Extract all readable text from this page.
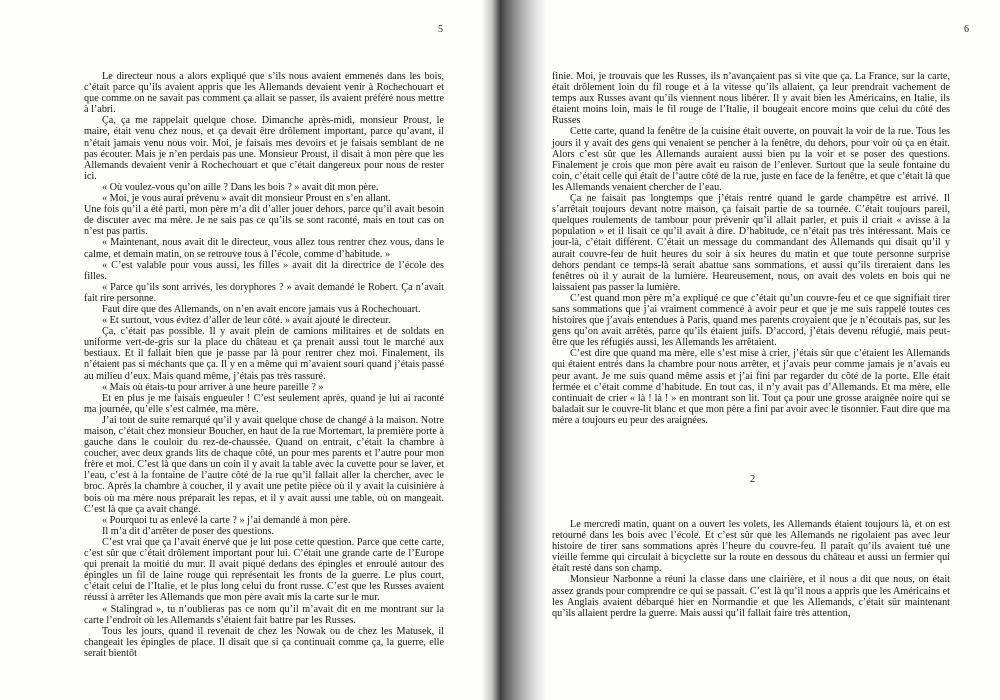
5

Le directeur nous a alors expliqué que s’ils nous avaient emmenés dans les bois, c’était parce qu’ils avaient appris que les Allemands devaient venir à Rochechouart et que comme on ne savait pas comment ça allait se passer, ils avaient préféré nous mettre à l’abri.

Ça, ça me rappelait quelque chose. Dimanche après-midi, monsieur Proust, le maire, était venu chez nous, et ça devait être drôlement important, parce qu’avant, il n’était jamais venu nous voir. Moi, je faisais mes devoirs et je faisais semblant de ne pas écouter. Mais je n’en perdais pas une. Monsieur Proust, il disait à mon père que les Allemands devaient venir à Rochechouart et que c’était dangereux pour nous de rester ici.

« Où voulez-vous qu’on aille ? Dans les bois ? » avait dit mon père.

« Moi, je vous aurai prévenu » avait dit monsieur Proust en s’en allant.

Une fois qu’il a été parti, mon père m’a dit d’aller jouer dehors, parce qu’il avait besoin de discuter avec ma mère. Je ne sais pas ce qu’ils se sont raconté, mais en tout cas on n’est pas partis.

« Maintenant, nous avait dit le directeur, vous allez tous rentrer chez vous, dans le calme, et demain matin, on se retrouve tous à l’école, comme d’habitude. »

« C’est valable pour vous aussi, les filles » avait dit la directrice de l’école des filles.

« Parce qu’ils sont arrivés, les doryphores ? » avait demandé le Robert. Ça n’avait fait rire personne.

Faut dire que des Allemands, on n’en avait encore jamais vus à Rochechouart.

« Et surtout, vous évitez d’aller de leur côté. » avait ajouté le directeur.

Ça, c’était pas possible. Il y avait plein de camions militaires et de soldats en uniforme vert-de-gris sur la place du château et ça prenait aussi tout le marché aux bestiaux. Et il fallait bien que je passe par là pour rentrer chez moi. Finalement, ils n’étaient pas si méchants que ça. Il y en a même qui m’avaient souri quand j’étais passé au milieu d’eux. Mais quand même, j’étais pas très rassuré.

« Mais où étais-tu pour arriver à une heure pareille ? »

Et en plus je me faisais engueuler ! C’est seulement après, quand je lui ai raconté ma journée, qu’elle s’est calmée, ma mère.

J’ai tout de suite remarqué qu’il y avait quelque chose de changé à la maison. Notre maison, c’était chez monsieur Boucher, en haut de la rue Mortemart, la première porte à gauche dans le couloir du rez-de-chaussée. Quand on entrait, c’était la chambre à coucher, avec deux grands lits de chaque côté, un pour mes parents et l’autre pour mon frère et moi. C’est là que dans un coin il y avait la table avec la cuvette pour se laver, et l’eau, c’est à la fontaine de l’autre côté de la rue qu’il fallait aller la chercher, avec le broc. Après la chambre à coucher, il y avait une petite pièce où il y avait la cuisinière à bois où ma mère nous préparait les repas, et il y avait aussi une table, où on mangeait. C’est là que ça avait changé.

« Pourquoi tu as enlevé la carte ? » j’ai demandé à mon père.

Il m’a dit d’arrêter de poser des questions.

C’est vrai que ça l’avait énervé que je lui pose cette question. Parce que cette carte, c’est sûr que c’était drôlement important pour lui. C’était une grande carte de l’Europe qui prenait la moitié du mur. Il avait piqué dedans des épingles et enroulé autour des épingles un fil de laine rouge qui représentait les fronts de la guerre. Le plus court, c’était celui de l’Italie, et le plus long celui du front russe. C’est que les Russes avaient réussi à arrêter les Allemands que mon père avait mis la carte sur le mur.

« Stalingrad », tu n’oublieras pas ce nom qu’il m’avait dit en me montrant sur la carte l’endroit où les Allemands s’étaient fait battre par les Russes.

Tous les jours, quand il revenait de chez les Nowak ou de chez les Matusek, il changeait les épingles de place. Il disait que si ça continuait comme ça, la guerre, elle serait bientôt

6

finie. Moi, je trouvais que les Russes, ils n’avançaient pas si vite que ça. La France, sur la carte, était drôlement loin du fil rouge et à la vitesse qu’ils allaient, ça leur prendrait vachement de temps aux Russes avant qu’ils viennent nous libérer. Il y avait bien les Américains, en Italie, ils étaient moins loin, mais le fil rouge de l’Italie, il bougeait encore moins que celui du côté des Russes

Cette carte, quand la fenêtre de la cuisine était ouverte, on pouvait la voir de la rue. Tous les jours il y avait des gens qui venaient se pencher à la fenêtre, du dehors, pour voir où ça en était. Alors c’est sûr que les Allemands auraient aussi bien pu la voir et se poser des questions. Finalement je crois que mon père avait eu raison de l’enlever. Surtout que la seule fontaine du coin, c’était celle qui était de l’autre côté de la rue, juste en face de la fenêtre, et que c’était là que les Allemands venaient chercher de l’eau.

Ça ne faisait pas longtemps que j’étais rentré quand le garde champêtre est arrivé. Il s’arrêtait toujours devant notre maison, ça faisait partie de sa tournée. C’était toujours pareil, quelques roulements de tambour pour prévenir qu’il allait parler, et puis il criait « avisse à la population » et il lisait ce qu’il avait à dire. D’habitude, ce n’était pas très intéressant. Mais ce jour-là, c’était différent. C’était un message du commandant des Allemands qui disait qu’il y aurait couvre-feu de huit heures du soir à six heures du matin et que toute personne surprise dehors pendant ce temps-là serait abattue sans sommations, et aussi qu’ils tireraient dans les fenêtres où il y aurait de la lumière. Heureusement, nous, on avait des volets en bois qui ne laissaient pas passer la lumière.

C’est quand mon père m’a expliqué ce que c’était qu’un couvre-feu et ce que signifiait tirer sans sommations que j’ai vraiment commencé à avoir peur et que je me suis rappelé toutes ces histoires que j’avais entendues à Paris, quand mes parents croyaient que je n’écoutais pas, sur les gens qu’on avait arrêtés, parce qu’ils étaient juifs. D’accord, j’étais devenu réfugié, mais peut-être que les réfugiés aussi, les Allemands les arrêtaient.

C’est dire que quand ma mère, elle s’est mise à crier, j’étais sûr que c’étaient les Allemands qui étaient entrés dans la chambre pour nous arrêter, et j’avais peur comme jamais je n’avais eu peur avant. Je me suis quand même assis et j’ai fini par regarder du côté de la porte. Elle était fermée et c’était comme d’habitude. En tout cas, il n’y avait pas d’Allemands. Et ma mère, elle continuait de crier « là ! là ! » en montrant son lit. Tout ça pour une grosse araignée noire qui se baladait sur le couvre-lit blanc et que mon père a fini par avoir avec le tisonnier. Faut dire que ma mère a toujours eu peur des araignées.

2

Le mercredi matin, quant on a ouvert les volets, les Allemands étaient toujours là, et on est retourné dans les bois avec l’école. Et c’est sûr que les Allemands ne rigolaient pas avec leur histoire de tirer sans sommations après l’heure du couvre-feu. Il paraît qu’ils avaient tué une vieille femme qui circulait à bicyclette sur la route en dessous du château et aussi un fermier qui était resté dans son champ.

Monsieur Narbonne a réuni la classe dans une clairière, et il nous a dit que nous, on était assez grands pour comprendre ce qui se passait. C’est là qu’il nous a appris que les Américains et les Anglais avaient débarqué hier en Normandie et que les Allemands, c’était sûr maintenant qu’ils allaient perdre la guerre. Mais aussi qu’il fallait faire très attention,
